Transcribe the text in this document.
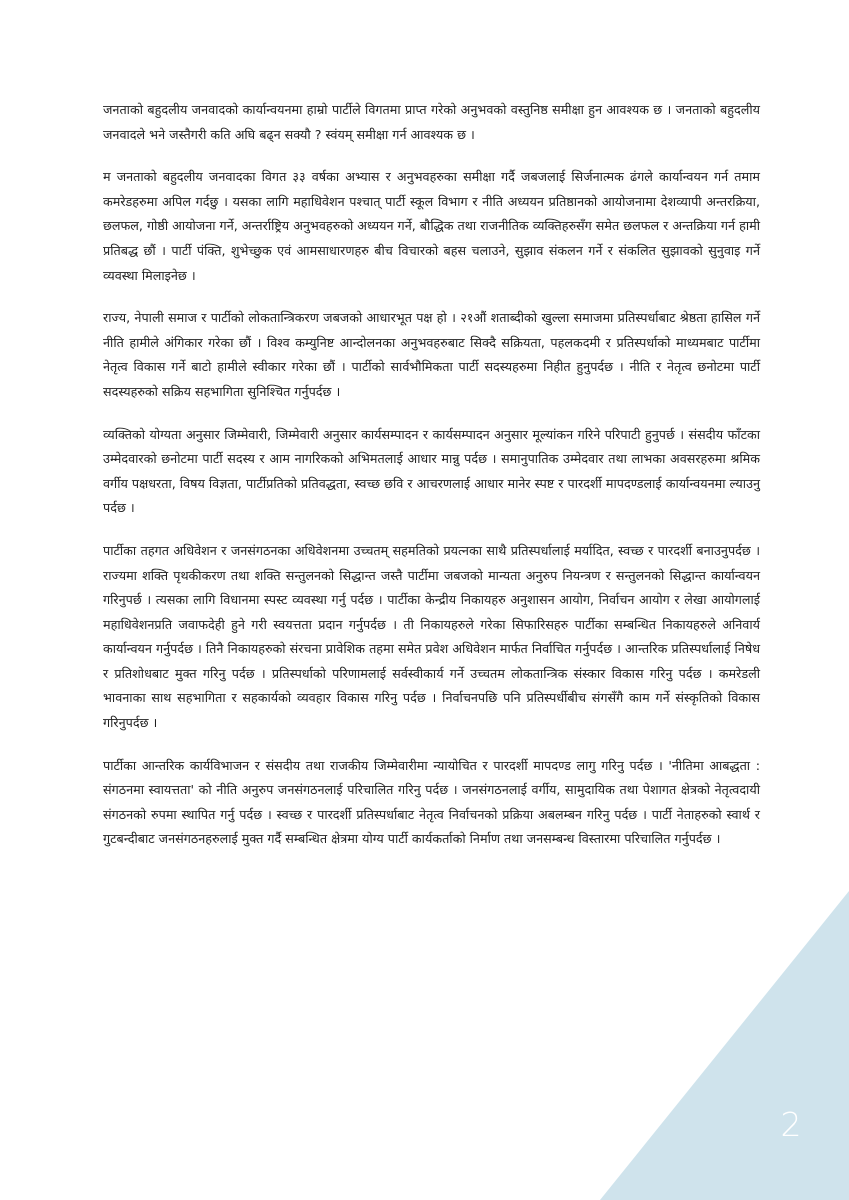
जनताको बहुदलीय जनवादको कार्यान्वयनमा हाम्रो पार्टीले विगतमा प्राप्त गरेको अनुभवको वस्तुनिष्ठ समीक्षा हुन आवश्यक छ । जनताको बहुदलीय जनवादले भने जस्तैगरी कति अघि बढ्न सक्यौ ? स्वंयम् समीक्षा गर्न आवश्यक छ ।

म जनताको बहुदलीय जनवादका विगत ३३ वर्षका अभ्यास र अनुभवहरुका समीक्षा गर्दै जबजलाई सिर्जनात्मक ढंगले कार्यान्वयन गर्न तमाम कमरेडहरुमा अपिल गर्दछु । यसका लागि महाधिवेशन पश्चात् पार्टी स्कूल विभाग र नीति अध्ययन प्रतिष्ठानको आयोजनामा देशव्यापी अन्तरक्रिया, छलफल, गोष्ठी आयोजना गर्ने, अन्तर्राष्ट्रिय अनुभवहरुको अध्ययन गर्ने, बौद्धिक तथा राजनीतिक व्यक्तिहरुसँग समेत छलफल र अन्तक्रिया गर्न हामी प्रतिबद्ध छौं । पार्टी पंक्ति, शुभेच्छुक एवं आमसाधारणहरु बीच विचारको बहस चलाउने, सुझाव संकलन गर्ने र संकलित सुझावको सुनुवाइ गर्ने व्यवस्था मिलाइनेछ ।

राज्य, नेपाली समाज र पार्टीको लोकतान्त्रिकरण जबजको आधारभूत पक्ष हो । २१औं शताब्दीको खुल्ला समाजमा प्रतिस्पर्धाबाट श्रेष्ठता हासिल गर्ने नीति हामीले अंगिकार गरेका छौं । विश्व कम्युनिष्ट आन्दोलनका अनुभवहरुबाट सिक्दै सक्रियता, पहलकदमी र प्रतिस्पर्धाको माध्यमबाट पार्टीमा नेतृत्व विकास गर्ने बाटो हामीले स्वीकार गरेका छौं । पार्टीको सार्वभौमिकता पार्टी सदस्यहरुमा निहीत हुनुपर्दछ । नीति र नेतृत्व छनोटमा पार्टी सदस्यहरुको सक्रिय सहभागिता सुनिश्चित गर्नुपर्दछ ।

व्यक्तिको योग्यता अनुसार जिम्मेवारी, जिम्मेवारी अनुसार कार्यसम्पादन र कार्यसम्पादन अनुसार मूल्यांकन गरिने परिपाटी हुनुपर्छ । संसदीय फाँटका उम्मेदवारको छनोटमा पार्टी सदस्य र आम नागरिकको अभिमतलाई आधार मान्नु पर्दछ । समानुपातिक उम्मेदवार तथा लाभका अवसरहरुमा श्रमिक वर्गीय पक्षधरता, विषय विज्ञता, पार्टीप्रतिको प्रतिवद्धता, स्वच्छ छवि र आचरणलाई आधार मानेर स्पष्ट र पारदर्शी मापदण्डलाई कार्यान्वयनमा ल्याउनु पर्दछ ।

पार्टीका तहगत अधिवेशन र जनसंगठनका अधिवेशनमा उच्चतम् सहमतिको प्रयत्नका साथै प्रतिस्पर्धालाई मर्यादित, स्वच्छ र पारदर्शी बनाउनुपर्दछ । राज्यमा शक्ति पृथकीकरण तथा शक्ति सन्तुलनको सिद्धान्त जस्तै पार्टीमा जबजको मान्यता अनुरुप नियन्त्रण र सन्तुलनको सिद्धान्त कार्यान्वयन गरिनुपर्छ । त्यसका लागि विधानमा स्पस्ट व्यवस्था गर्नु पर्दछ । पार्टीका केन्द्रीय निकायहरु अनुशासन आयोग, निर्वाचन आयोग र लेखा आयोगलाई महाधिवेशनप्रति जवाफदेही हुने गरी स्वयत्तता प्रदान गर्नुपर्दछ । ती निकायहरुले गरेका सिफारिसहरु पार्टीका सम्बन्धित निकायहरुले अनिवार्य कार्यान्वयन गर्नुपर्दछ । तिनै निकायहरुको संरचना प्रावेशिक तहमा समेत प्रवेश अधिवेशन मार्फत निर्वाचित गर्नुपर्दछ । आन्तरिक प्रतिस्पर्धालाई निषेध र प्रतिशोधबाट मुक्त गरिनु पर्दछ । प्रतिस्पर्धाको परिणामलाई सर्वस्वीकार्य गर्ने उच्चतम लोकतान्त्रिक संस्कार विकास गरिनु पर्दछ । कमरेडली भावनाका साथ सहभागिता र सहकार्यको व्यवहार विकास गरिनु पर्दछ । निर्वाचनपछि पनि प्रतिस्पर्धीबीच संगसँगै काम गर्ने संस्कृतिको विकास गरिनुपर्दछ ।

पार्टीका आन्तरिक कार्यविभाजन र संसदीय तथा राजकीय जिम्मेवारीमा न्यायोचित र पारदर्शी मापदण्ड लागु गरिनु पर्दछ । 'नीतिमा आबद्धता : संगठनमा स्वायत्तता' को नीति अनुरुप जनसंगठनलाई परिचालित गरिनु पर्दछ । जनसंगठनलाई वर्गीय, सामुदायिक तथा पेशागत क्षेत्रको नेतृत्वदायी संगठनको रुपमा स्थापित गर्नु पर्दछ । स्वच्छ र पारदर्शी प्रतिस्पर्धाबाट नेतृत्व निर्वाचनको प्रक्रिया अबलम्बन गरिनु पर्दछ । पार्टी नेताहरुको स्वार्थ र गुटबन्दीबाट जनसंगठनहरुलाई मुक्त गर्दै सम्बन्धित क्षेत्रमा योग्य पार्टी कार्यकर्ताको निर्माण तथा जनसम्बन्ध विस्तारमा परिचालित गर्नुपर्दछ ।

2
